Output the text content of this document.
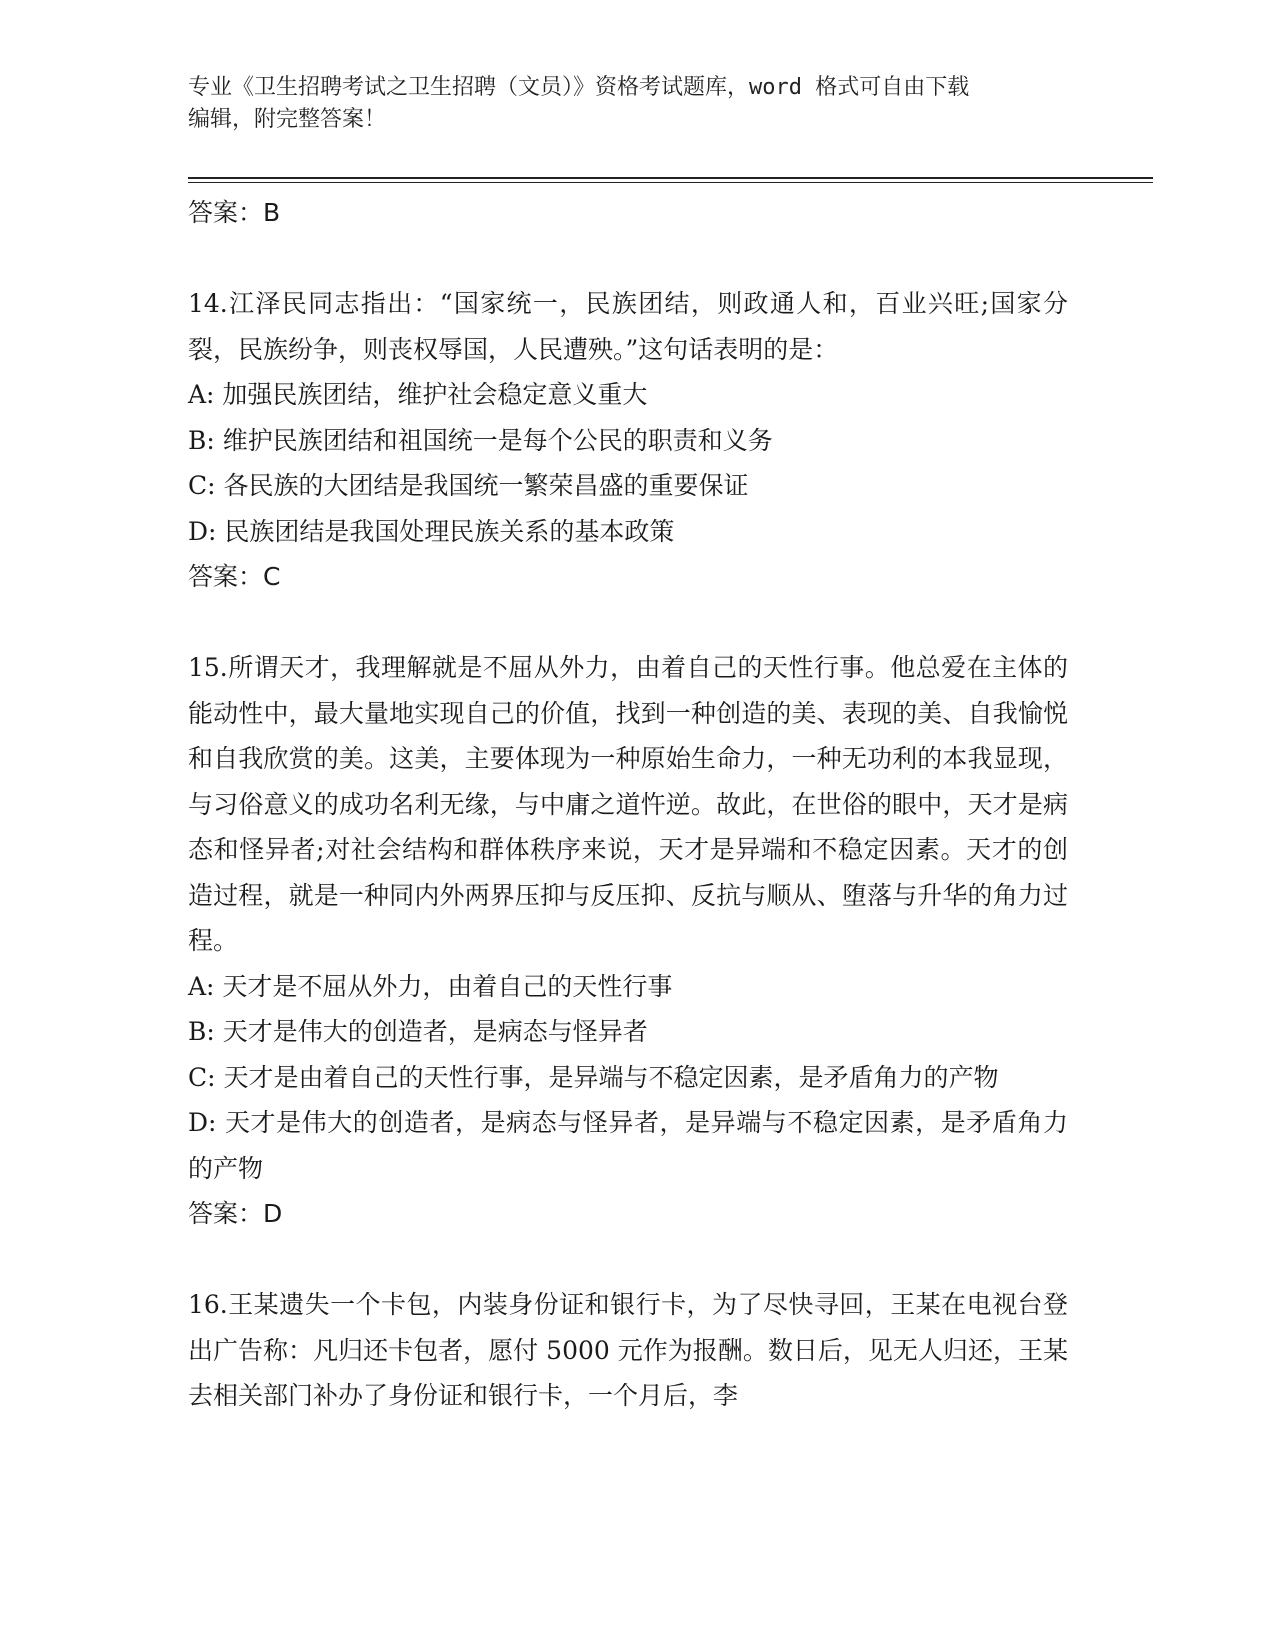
专业《卫生招聘考试之卫生招聘（文员）》资格考试题库，word 格式可自由下载
编辑，附完整答案！

答案：B

14.江泽民同志指出：“国家统一，民族团结，则政通人和，百业兴旺;国家分裂，民族纷争，则丧权辱国，人民遭殃。”这句话表明的是：

A: 加强民族团结，维护社会稳定意义重大

B: 维护民族团结和祖国统一是每个公民的职责和义务

C: 各民族的大团结是我国统一繁荣昌盛的重要保证

D: 民族团结是我国处理民族关系的基本政策

答案：C

15.所谓天才，我理解就是不屈从外力，由着自己的天性行事。他总爱在主体的能动性中，最大量地实现自己的价值，找到一种创造的美、表现的美、自我愉悦和自我欣赏的美。这美，主要体现为一种原始生命力，一种无功利的本我显现，与习俗意义的成功名利无缘，与中庸之道忤逆。故此，在世俗的眼中，天才是病态和怪异者;对社会结构和群体秩序来说，天才是异端和不稳定因素。天才的创造过程，就是一种同内外两界压抑与反压抑、反抗与顺从、堕落与升华的角力过程。

A: 天才是不屈从外力，由着自己的天性行事

B: 天才是伟大的创造者，是病态与怪异者

C: 天才是由着自己的天性行事，是异端与不稳定因素，是矛盾角力的产物

D: 天才是伟大的创造者，是病态与怪异者，是异端与不稳定因素，是矛盾角力的产物

答案：D

16.王某遗失一个卡包，内装身份证和银行卡，为了尽快寻回，王某在电视台登出广告称：凡归还卡包者，愿付 5000 元作为报酬。数日后，见无人归还，王某去相关部门补办了身份证和银行卡，一个月后，李
